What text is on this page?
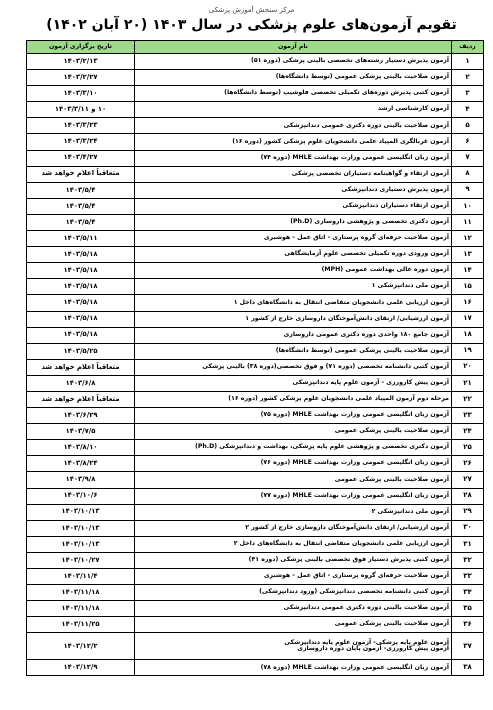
مرکز سنجش آموزش پزشکی
تقویم آزمون‌های علوم پزشکی در سال ۱۴۰۳ (۲۰ آبان ۱۴۰۲)
ردیف	نام آزمون	تاریخ برگزاری آزمون
۱	آزمون پذیرش دستیار رشته‌های تخصصی بالینی پزشکی (دوره ۵۱)	۱۴۰۳/۲/۱۳
۲	آزمون صلاحیت بالینی پزشکی عمومی (توسط دانشگاه‌ها)	۱۴۰۳/۲/۲۷
۳	آزمون کتبی پذیرش دوره‌های تکمیلی تخصصی فلوشیپ (توسط دانشگاه‌ها)	۱۴۰۳/۳/۱۰
۴	آزمون کارشناسی ارشد	۱۰ و ۱۴۰۳/۳/۱۱
۵	آزمون صلاحیت بالینی دوره دکتری عمومی دندانپزشکی	۱۴۰۳/۳/۲۳
۶	آزمون غربالگری المپیاد علمی دانشجویان علوم پزشکی کشور (دوره ۱۶)	۱۴۰۳/۳/۲۴
۷	آزمون زبان انگلیسی عمومی وزارت بهداشت MHLE (دوره ۷۴)	۱۴۰۳/۴/۲۷
۸	آزمون ارتقاء و گواهینامه دستیاران تخصصی پزشکی	متعاقباً اعلام خواهد شد
۹	آزمون پذیرش دستیاری دندانپزشکی	۱۴۰۳/۵/۴
۱۰	آزمون ارتقاء دستیاران دندانپزشکی	۱۴۰۳/۵/۴
۱۱	آزمون دکتری تخصصی و پژوهشی داروسازی (Ph.D)	۱۴۰۳/۵/۴
۱۲	آزمون صلاحیت حرفه‌ای گروه پرستاری - اتاق عمل - هوشبری	۱۴۰۳/۵/۱۱
۱۳	آزمون ورودی دوره تکمیلی تخصصی علوم آزمایشگاهی	۱۴۰۳/۵/۱۸
۱۴	آزمون دوره عالی بهداشت عمومی (MPH)	۱۴۰۳/۵/۱۸
۱۵	آزمون ملی دندانپزشکی ۱	۱۴۰۳/۵/۱۸
۱۶	آزمون ارزیابی علمی دانشجویان متقاضی انتقال به دانشگاه‌های داخل ۱	۱۴۰۳/۵/۱۸
۱۷	آزمون ارزشیابی/ ارتقای دانش‌آموختگان داروسازی خارج از کشور ۱	۱۴۰۳/۵/۱۸
۱۸	آزمون جامع ۱۸۰ واحدی دوره دکتری عمومی داروسازی	۱۴۰۳/۵/۱۸
۱۹	آزمون صلاحیت بالینی پزشکی عمومی (توسط دانشگاه‌ها)	۱۴۰۳/۵/۲۵
۲۰	آزمون کتبی دانشنامه تخصصی (دوره ۷۱) و فوق تخصصی(دوره ۳۸) بالینی پزشکی	متعاقباً اعلام خواهد شد
۲۱	آزمون پیش کارورزی - آزمون علوم پایه دندانپزشکی	۱۴۰۳/۶/۸
۲۲	مرحله دوم آزمون المپیاد علمی دانشجویان علوم پزشکی کشور (دوره ۱۶)	متعاقباً اعلام خواهد شد
۲۳	آزمون زبان انگلیسی عمومی وزارت بهداشت MHLE (دوره ۷۵)	۱۴۰۳/۶/۲۹
۲۴	آزمون صلاحیت بالینی پزشکی عمومی	۱۴۰۳/۷/۵
۲۵	آزمون دکتری تخصصی و پژوهشی علوم پایه پزشکی، بهداشت و دندانپزشکی (Ph.D)	۱۴۰۳/۸/۱۰
۲۶	آزمون زبان انگلیسی عمومی وزارت بهداشت MHLE (دوره ۷۶)	۱۴۰۳/۸/۲۴
۲۷	آزمون صلاحیت بالینی پزشکی عمومی	۱۴۰۳/۹/۸
۲۸	آزمون زبان انگلیسی عمومی وزارت بهداشت MHLE (دوره ۷۷)	۱۴۰۳/۱۰/۶
۲۹	آزمون ملی دندانپزشکی ۲	۱۴۰۳/۱۰/۱۳
۳۰	آزمون ارزشیابی/ ارتقای دانش‌آموختگان داروسازی خارج از کشور ۲	۱۴۰۳/۱۰/۱۳
۳۱	آزمون ارزیابی علمی دانشجویان متقاضی انتقال به دانشگاه‌های داخل ۲	۱۴۰۳/۱۰/۱۳
۳۲	آزمون کتبی پذیرش دستیار فوق تخصصی بالینی پزشکی (دوره ۴۱)	۱۴۰۳/۱۰/۲۷
۳۳	آزمون صلاحیت حرفه‌ای گروه پرستاری - اتاق عمل - هوشبری	۱۴۰۳/۱۱/۴
۳۴	آزمون کتبی دانشنامه تخصصی دندانپزشکی (ورود دندانپزشکی)	۱۴۰۳/۱۱/۱۸
۳۵	آزمون صلاحیت بالینی دوره دکتری عمومی دندانپزشکی	۱۴۰۳/۱۱/۱۸
۳۶	آزمون صلاحیت بالینی پزشکی عمومی	۱۴۰۳/۱۱/۲۵
۳۷	آزمون علوم پایه پزشکی- آزمون علوم پایه دندانپزشکی
آزمون پیش کارورزی- آزمون پایان دوره داروسازی	۱۴۰۳/۱۲/۲
۳۸	آزمون زبان انگلیسی عمومی وزارت بهداشت MHLE (دوره ۷۸)	۱۴۰۳/۱۲/۹
